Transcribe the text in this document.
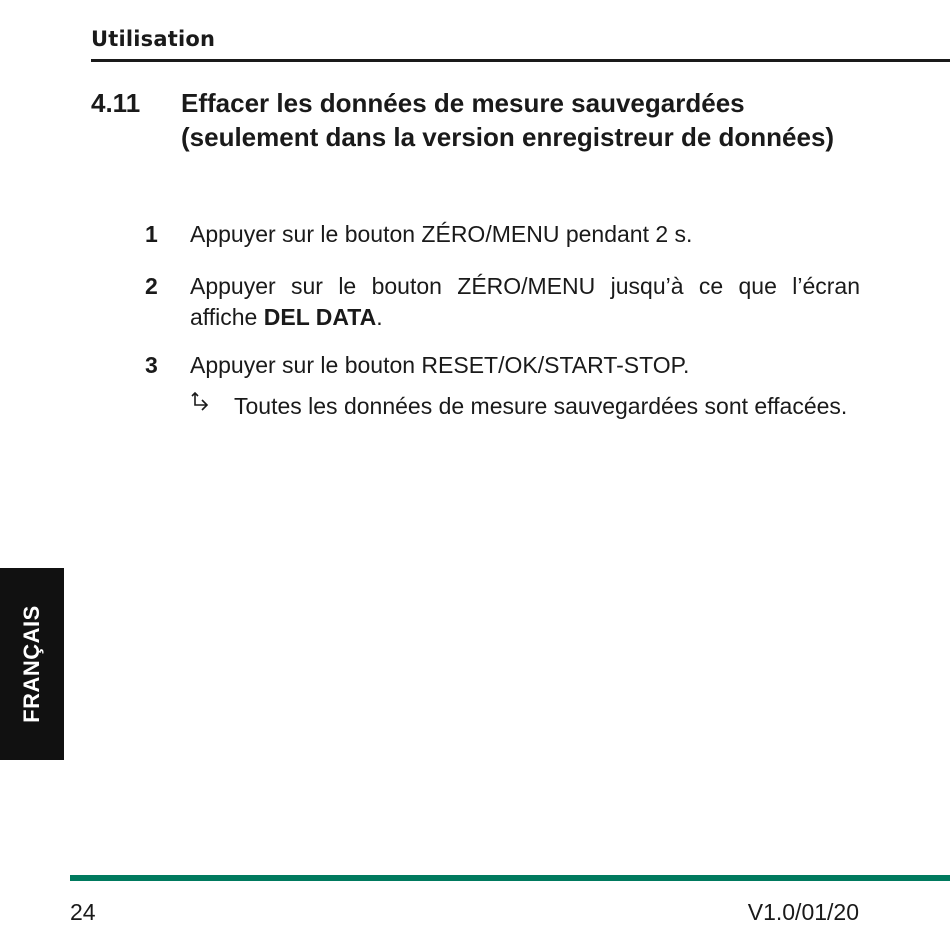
Utilisation
4.11 Effacer les données de mesure sauvegardées (seulement dans la version enregistreur de données)
1 Appuyer sur le bouton ZÉRO/MENU pendant 2 s.
2 Appuyer sur le bouton ZÉRO/MENU jusqu’à ce que l’écran affiche DEL DATA.
3 Appuyer sur le bouton RESET/OK/START-STOP.
Toutes les données de mesure sauvegardées sont effacées.
FRANÇAIS
24	V1.0/01/20
